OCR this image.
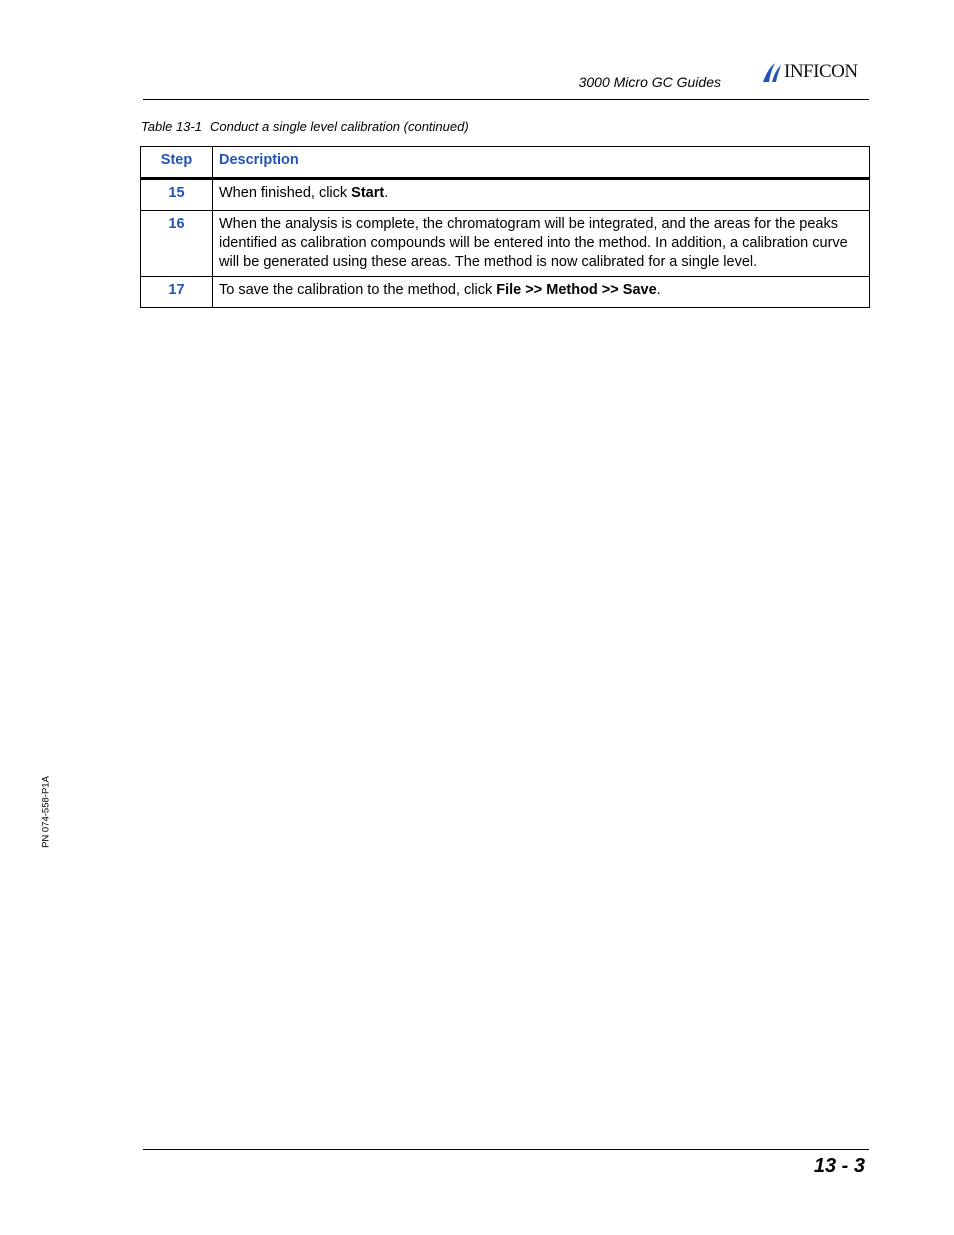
3000 Micro GC Guides	INFICON
Table 13-1 Conduct a single level calibration (continued)
Step	Description
15	When finished, click Start.
16	When the analysis is complete, the chromatogram will be integrated, and the areas for the peaks identified as calibration compounds will be entered into the method. In addition, a calibration curve will be generated using these areas. The method is now calibrated for a single level.
17	To save the calibration to the method, click File >> Method >> Save.
PN 074-558-P1A
13 - 3
